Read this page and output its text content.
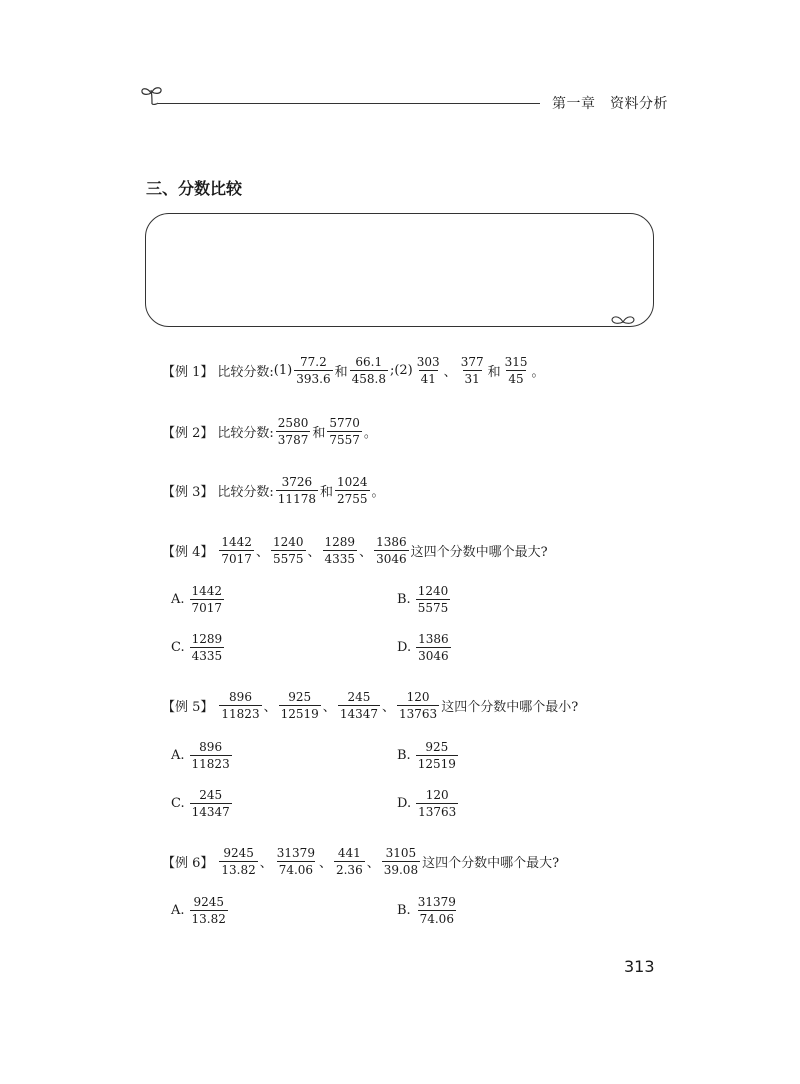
第一章　资料分析
三、分数比较
【例 1】 比较分数: $(1) \frac{77.2}{393.6}$ 和 $\frac{66.1}{458.8}$ ; $(2) \frac{303}{41}$ 、 $\frac{377}{31}$ 和 $\frac{315}{45}$ 。
【例 2】 比较分数: $\frac{2580}{3787}$ 和 $\frac{5770}{7557}$ 。
【例 3】 比较分数: $\frac{3726}{11178}$ 和 $\frac{1024}{2755}$ 。
【例 4】 $\frac{1442}{7017}$ 、 $\frac{1240}{5575}$ 、 $\frac{1289}{4335}$ 、 $\frac{1386}{3046}$ 这四个分数中哪个最大?
A. $\frac{1442}{7017}$	B. $\frac{1240}{5575}$
C. $\frac{1289}{4335}$	D. $\frac{1386}{3046}$
【例 5】 $\frac{896}{11823}$ 、 $\frac{925}{12519}$ 、 $\frac{245}{14347}$ 、 $\frac{120}{13763}$ 这四个分数中哪个最小?
A. $\frac{896}{11823}$	B. $\frac{925}{12519}$
C. $\frac{245}{14347}$	D. $\frac{120}{13763}$
【例 6】 $\frac{9245}{13.82}$ 、 $\frac{31379}{74.06}$ 、 $\frac{441}{2.36}$ 、 $\frac{3105}{39.08}$ 这四个分数中哪个最大?
A. $\frac{9245}{13.82}$	B. $\frac{31379}{74.06}$
313
